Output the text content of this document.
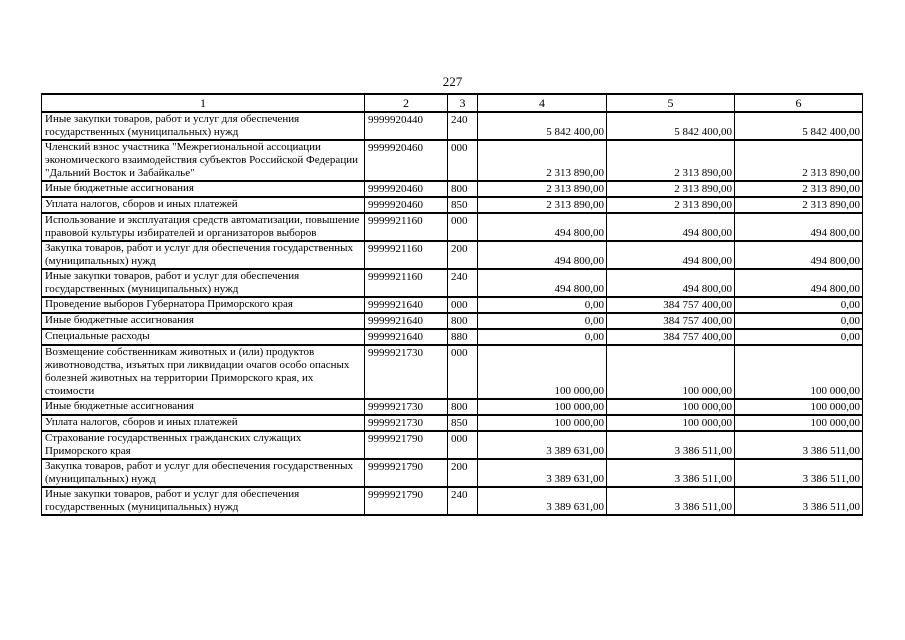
227
1	2	3	4	5	6
Иные закупки товаров, работ и услуг для обеспечения государственных (муниципальных) нужд	9999920440	240	5 842 400,00	5 842 400,00	5 842 400,00
Членский взнос участника "Межрегиональной ассоциации экономического взаимодействия субъектов Российской Федерации "Дальний Восток и Забайкалье"	9999920460	000	2 313 890,00	2 313 890,00	2 313 890,00
Иные бюджетные ассигнования	9999920460	800	2 313 890,00	2 313 890,00	2 313 890,00
Уплата налогов, сборов и иных платежей	9999920460	850	2 313 890,00	2 313 890,00	2 313 890,00
Использование и эксплуатация средств автоматизации, повышение правовой культуры избирателей и организаторов выборов	9999921160	000	494 800,00	494 800,00	494 800,00
Закупка товаров, работ и услуг для обеспечения государственных (муниципальных) нужд	9999921160	200	494 800,00	494 800,00	494 800,00
Иные закупки товаров, работ и услуг для обеспечения государственных (муниципальных) нужд	9999921160	240	494 800,00	494 800,00	494 800,00
Проведение выборов Губернатора Приморского края	9999921640	000	0,00	384 757 400,00	0,00
Иные бюджетные ассигнования	9999921640	800	0,00	384 757 400,00	0,00
Специальные расходы	9999921640	880	0,00	384 757 400,00	0,00
Возмещение собственникам животных и (или) продуктов животноводства, изъятых при ликвидации очагов особо опасных болезней животных на территории Приморского края, их стоимости	9999921730	000	100 000,00	100 000,00	100 000,00
Иные бюджетные ассигнования	9999921730	800	100 000,00	100 000,00	100 000,00
Уплата налогов, сборов и иных платежей	9999921730	850	100 000,00	100 000,00	100 000,00
Страхование государственных гражданских служащих Приморского края	9999921790	000	3 389 631,00	3 386 511,00	3 386 511,00
Закупка товаров, работ и услуг для обеспечения государственных (муниципальных) нужд	9999921790	200	3 389 631,00	3 386 511,00	3 386 511,00
Иные закупки товаров, работ и услуг для обеспечения государственных (муниципальных) нужд	9999921790	240	3 389 631,00	3 386 511,00	3 386 511,00
